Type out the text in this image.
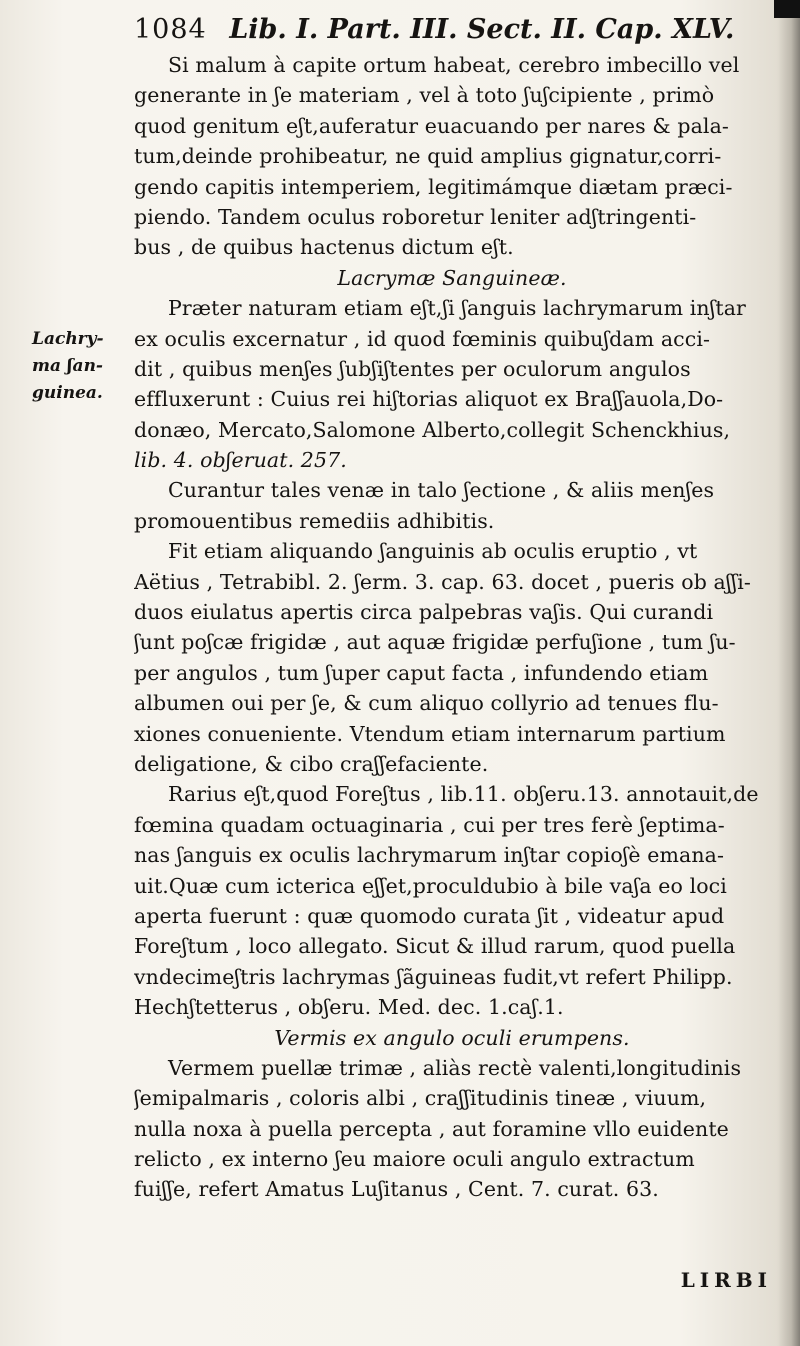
1084 Lib. I. Part. III. Sect. II. Cap. XLV.
Lachry-
ma ʃan-
guinea.
Si malum à capite ortum habeat, cerebro imbecillo vel
generante in ʃe materiam , vel à toto ʃuʃcipiente , primò
quod genitum eʃt,auferatur euacuando per nares & pala-
tum,deinde prohibeatur, ne quid amplius gignatur,corri-
gendo capitis intemperiem, legitimámque diætam præci-
piendo. Tandem oculus roboretur leniter adʃtringenti-
bus , de quibus hactenus dictum eʃt.
Lacrymæ Sanguineæ.
Præter naturam etiam eʃt,ʃi ʃanguis lachrymarum inʃtar
ex oculis excernatur , id quod fœminis quibuʃdam acci-
dit , quibus menʃes ʃubʃiʃtentes per oculorum angulos
effluxerunt : Cuius rei hiʃtorias aliquot ex Braʃʃauola,Do-
donæo, Mercato,Salomone Alberto,collegit Schenckhius,
lib. 4. obʃeruat. 257.
Curantur tales venæ in talo ʃectione , & aliis menʃes
promouentibus remediis adhibitis.
Fit etiam aliquando ʃanguinis ab oculis eruptio , vt
Aëtius , Tetrabibl. 2. ʃerm. 3. cap. 63. docet , pueris ob aʃʃi-
duos eiulatus apertis circa palpebras vaʃis. Qui curandi
ʃunt poʃcæ frigidæ , aut aquæ frigidæ perfuʃione , tum ʃu-
per angulos , tum ʃuper caput facta , infundendo etiam
albumen oui per ʃe, & cum aliquo collyrio ad tenues flu-
xiones conueniente. Vtendum etiam internarum partium
deligatione, & cibo craʃʃefaciente.
Rarius eʃt,quod Foreʃtus , lib.11. obʃeru.13. annotauit,de
fœmina quadam octuaginaria , cui per tres ferè ʃeptima-
nas ʃanguis ex oculis lachrymarum inʃtar copioʃè emana-
uit.Quæ cum icterica eʃʃet,proculdubio à bile vaʃa eo loci
aperta fuerunt : quæ quomodo curata ʃit , videatur apud
Foreʃtum , loco allegato. Sicut & illud rarum, quod puella
vndecimeʃtris lachrymas ʃãguineas fudit,vt refert Philipp.
Hechʃtetterus , obʃeru. Med. dec. 1.caʃ.1.
Vermis ex angulo oculi erumpens.
Vermem puellæ trimæ , aliàs rectè valenti,longitudinis
ʃemipalmaris , coloris albi , craʃʃitudinis tineæ , viuum,
nulla noxa à puella percepta , aut foramine vllo euidente
relicto , ex interno ʃeu maiore oculi angulo extractum
fuiʃʃe, refert Amatus Luʃitanus , Cent. 7. curat. 63.
LIRBI
